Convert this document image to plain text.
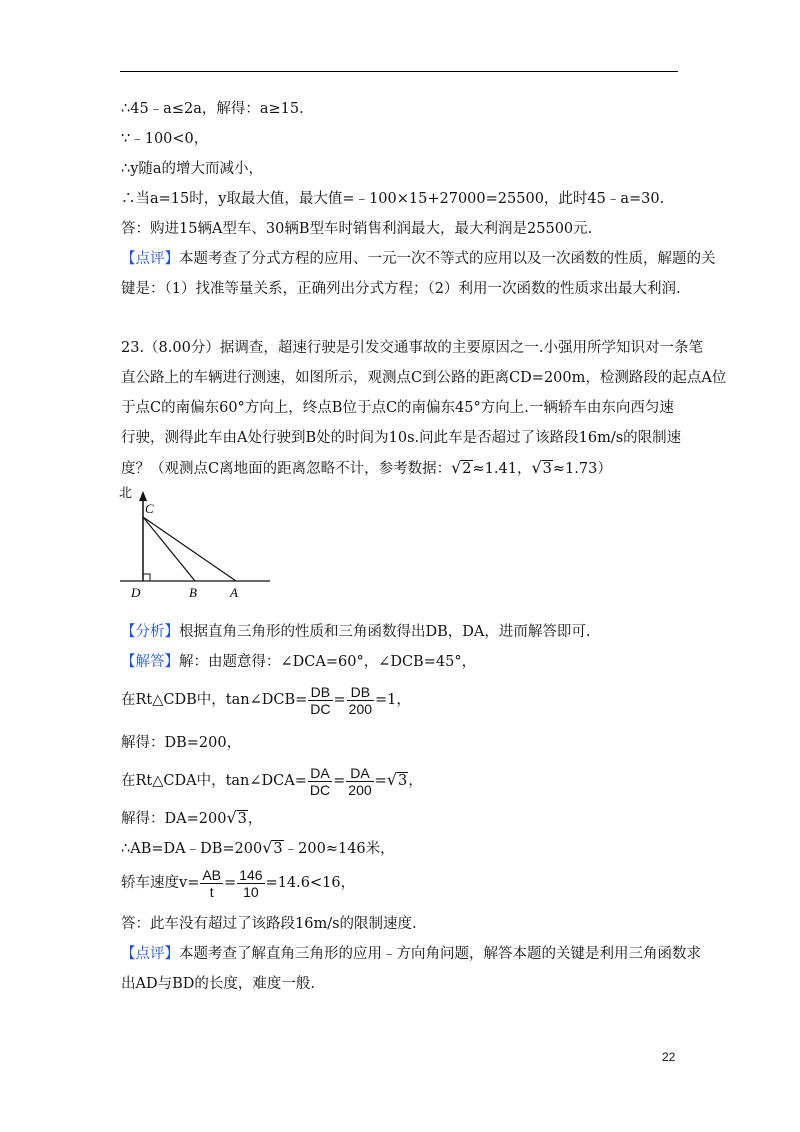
∴45﹣a≤2a，解得：a≥15.
∵﹣100<0，
∴y随a的增大而减小，
∴当a=15时，y取最大值，最大值=﹣100×15+27000=25500，此时45﹣a=30.
答：购进15辆A型车、30辆B型车时销售利润最大，最大利润是25500元.
【点评】本题考查了分式方程的应用、一元一次不等式的应用以及一次函数的性质，解题的关
键是：（1）找准等量关系，正确列出分式方程；（2）利用一次函数的性质求出最大利润.
23.（8.00分）据调查，超速行驶是引发交通事故的主要原因之一.小强用所学知识对一条笔
直公路上的车辆进行测速，如图所示，观测点C到公路的距离CD=200m，检测路段的起点A位
于点C的南偏东60°方向上，终点B位于点C的南偏东45°方向上.一辆轿车由东向西匀速
行驶，测得此车由A处行驶到B处的时间为10s.问此车是否超过了该路段16m/s的限制速
度？（观测点C离地面的距离忽略不计，参考数据：√2≈1.41，√3≈1.73）
北
C
D	B	A
【分析】根据直角三角形的性质和三角函数得出DB，DA，进而解答即可.
【解答】解：由题意得：∠DCA=60°，∠DCB=45°，
在Rt△CDB中，tan∠DCB= $\frac{DB}{DC} = \frac{DB}{200} =1$，
解得：DB=200，
在Rt△CDA中，tan∠DCA= $\frac{DA}{DC} = \frac{DA}{200} =√3$，
解得：DA=200√3，
∴AB=DA﹣DB=200√3﹣200≈146米，
轿车速度$v= \frac{AB}{t} = \frac{146}{10} =14.6<16$，
答：此车没有超过了该路段16m/s的限制速度.
【点评】本题考查了解直角三角形的应用﹣方向角问题，解答本题的关键是利用三角函数求
出AD与BD的长度，难度一般.
22
